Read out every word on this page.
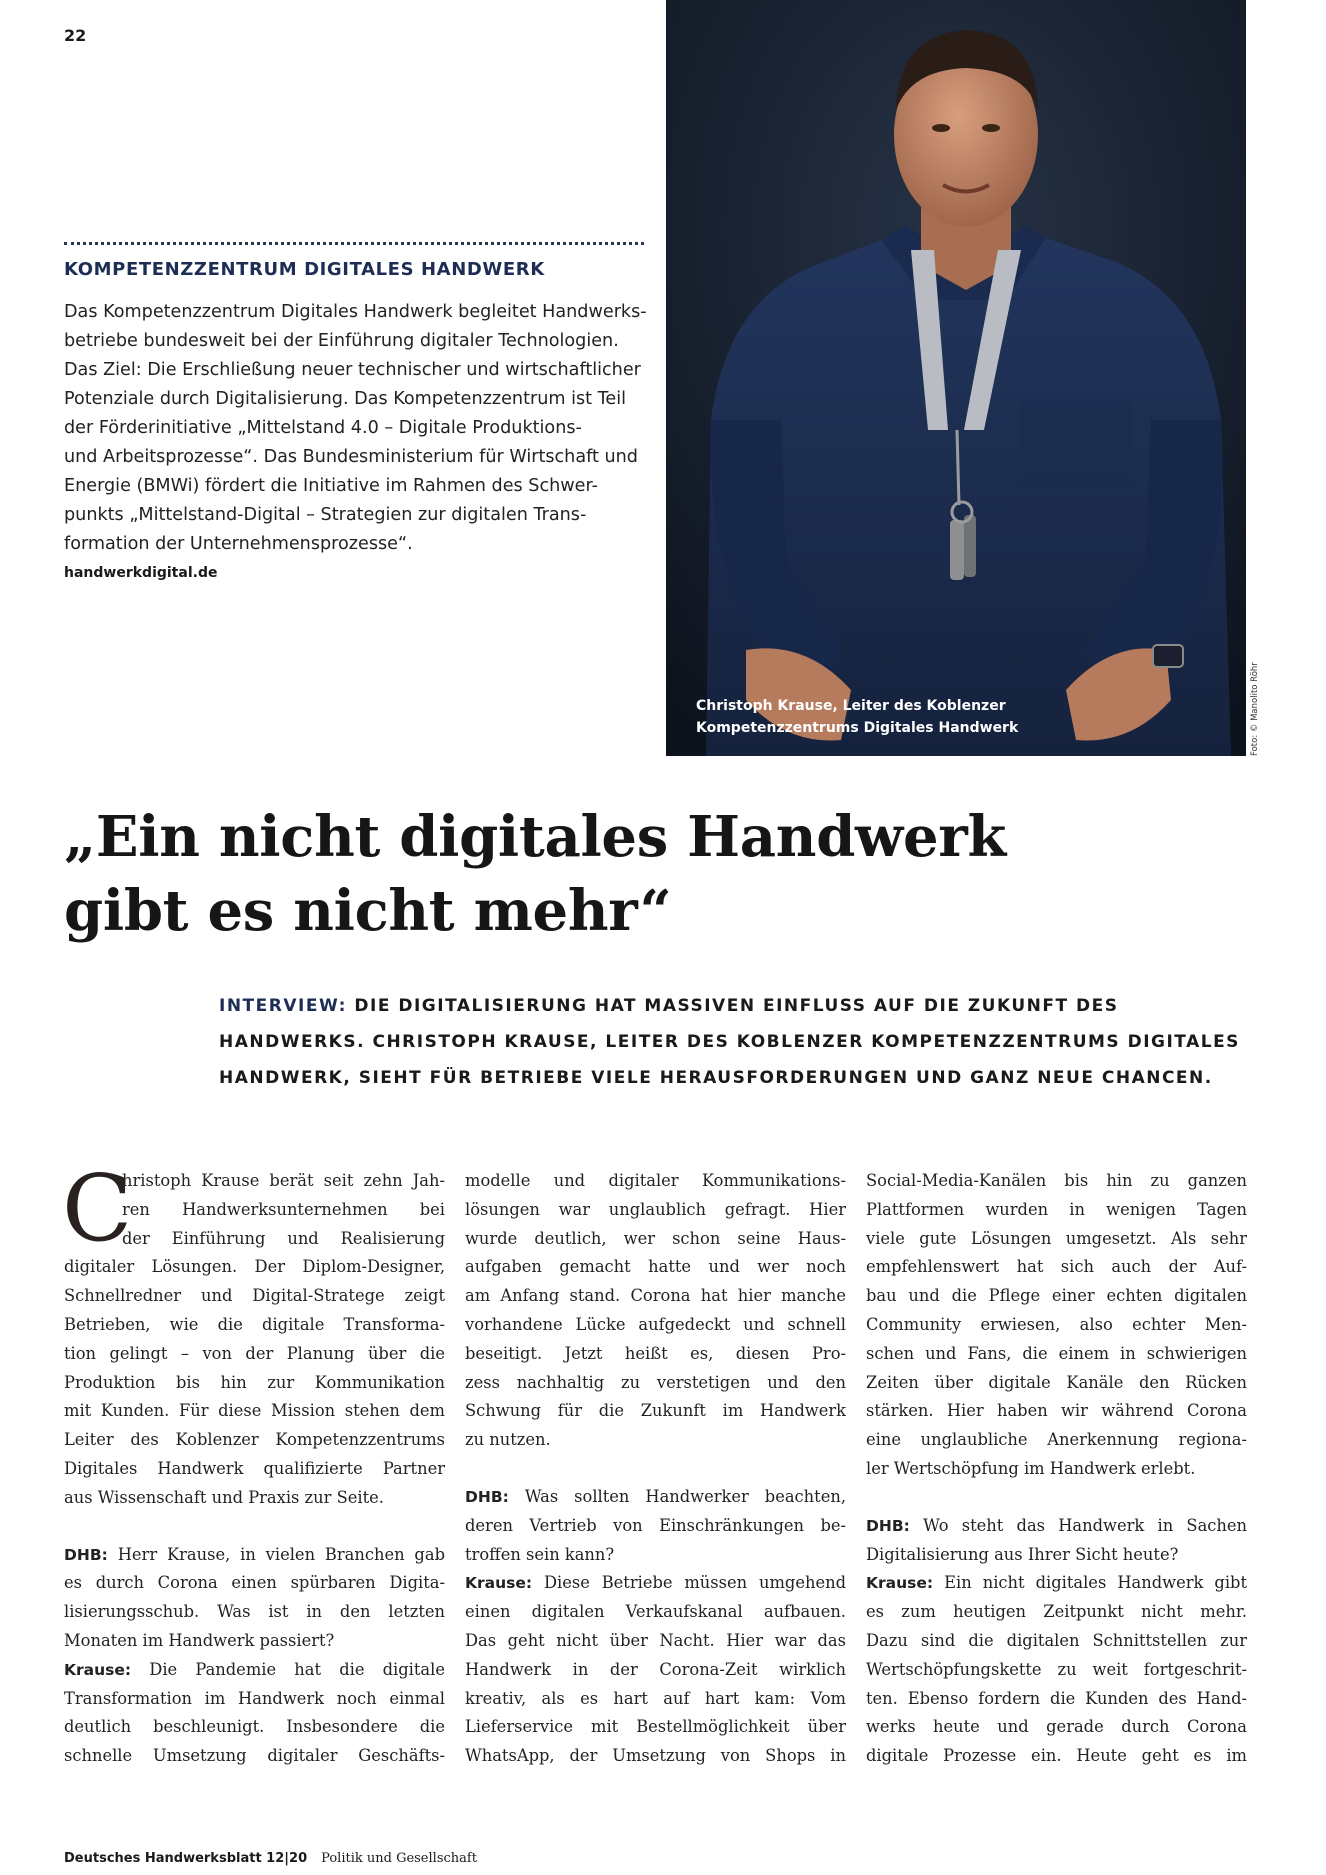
22
KOMPETENZZENTRUM DIGITALES HANDWERK
Das Kompetenzzentrum Digitales Handwerk begleitet Handwerks-
betriebe bundesweit bei der Einführung digitaler Technologien.
Das Ziel: Die Erschließung neuer technischer und wirtschaftlicher
Potenziale durch Digitalisierung. Das Kompetenzzentrum ist Teil
der Förderinitiative „Mittelstand 4.0 – Digitale Produktions-
und Arbeitsprozesse“. Das Bundesministerium für Wirtschaft und
Energie (BMWi) fördert die Initiative im Rahmen des Schwer-
punkts „Mittelstand-Digital – Strategien zur digitalen Trans-
formation der Unternehmensprozesse“.
handwerkdigital.de
Christoph Krause, Leiter des Koblenzer
Kompetenzzentrums Digitales Handwerk	Foto: © Manolito Röhr
„Ein nicht digitales Handwerk
gibt es nicht mehr“
INTERVIEW: DIE DIGITALISIERUNG HAT MASSIVEN EINFLUSS AUF DIE ZUKUNFT DES
HANDWERKS. CHRISTOPH KRAUSE, LEITER DES KOBLENZER KOMPETENZZENTRUMS DIGITALES
HANDWERK, SIEHT FÜR BETRIEBE VIELE HERAUSFORDERUNGEN UND GANZ NEUE CHANCEN.
C
hristoph Krause berät seit zehn Jah-
ren Handwerksunternehmen bei
der Einführung und Realisierung
digitaler Lösungen. Der Diplom-Designer,
Schnellredner und Digital-Stratege zeigt
Betrieben, wie die digitale Transforma-
tion gelingt – von der Planung über die
Produktion bis hin zur Kommunikation
mit Kunden. Für diese Mission stehen dem
Leiter des Koblenzer Kompetenzzentrums
Digitales Handwerk qualifizierte Partner
aus Wissenschaft und Praxis zur Seite.
DHB: Herr Krause, in vielen Branchen gab
es durch Corona einen spürbaren Digita-
lisierungsschub. Was ist in den letzten
Monaten im Handwerk passiert?
Krause: Die Pandemie hat die digitale
Transformation im Handwerk noch einmal
deutlich beschleunigt. Insbesondere die
schnelle Umsetzung digitaler Geschäfts-
modelle und digitaler Kommunikations-
lösungen war unglaublich gefragt. Hier
wurde deutlich, wer schon seine Haus-
aufgaben gemacht hatte und wer noch
am Anfang stand. Corona hat hier manche
vorhandene Lücke aufgedeckt und schnell
beseitigt. Jetzt heißt es, diesen Pro-
zess nachhaltig zu verstetigen und den
Schwung für die Zukunft im Handwerk
zu nutzen.
DHB: Was sollten Handwerker beachten,
deren Vertrieb von Einschränkungen be-
troffen sein kann?
Krause: Diese Betriebe müssen umgehend
einen digitalen Verkaufskanal aufbauen.
Das geht nicht über Nacht. Hier war das
Handwerk in der Corona-Zeit wirklich
kreativ, als es hart auf hart kam: Vom
Lieferservice mit Bestellmöglichkeit über
WhatsApp, der Umsetzung von Shops in
Social-Media-Kanälen bis hin zu ganzen
Plattformen wurden in wenigen Tagen
viele gute Lösungen umgesetzt. Als sehr
empfehlenswert hat sich auch der Auf-
bau und die Pflege einer echten digitalen
Community erwiesen, also echter Men-
schen und Fans, die einem in schwierigen
Zeiten über digitale Kanäle den Rücken
stärken. Hier haben wir während Corona
eine unglaubliche Anerkennung regiona-
ler Wertschöpfung im Handwerk erlebt.
DHB: Wo steht das Handwerk in Sachen
Digitalisierung aus Ihrer Sicht heute?
Krause: Ein nicht digitales Handwerk gibt
es zum heutigen Zeitpunkt nicht mehr.
Dazu sind die digitalen Schnittstellen zur
Wertschöpfungskette zu weit fortgeschrit-
ten. Ebenso fordern die Kunden des Hand-
werks heute und gerade durch Corona
digitale Prozesse ein. Heute geht es im
Deutsches Handwerksblatt 12|20 Politik und Gesellschaft
